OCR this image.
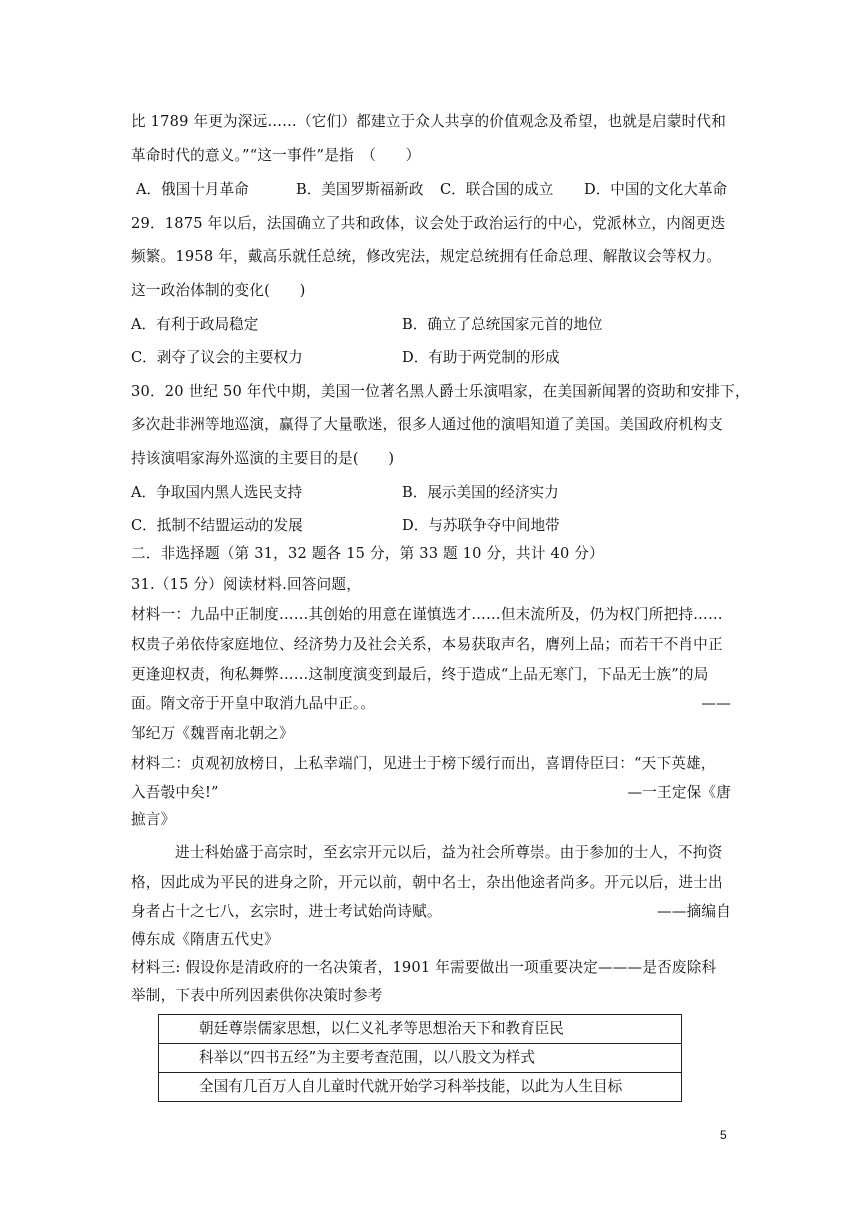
比 1789 年更为深远……（它们）都建立于众人共享的价值观念及希望，也就是启蒙时代和
革命时代的意义。”“这一事件”是指　（　　）
A．俄国十月革命	B．美国罗斯福新政 C．联合国的成立 D．中国的文化大革命
29．1875 年以后，法国确立了共和政体，议会处于政治运行的中心，党派林立，内阁更迭
频繁。1958 年，戴高乐就任总统，修改宪法，规定总统拥有任命总理、解散议会等权力。
这一政治体制的变化(　　)
A．有利于政局稳定	B．确立了总统国家元首的地位
C．剥夺了议会的主要权力	D．有助于两党制的形成
30．20 世纪 50 年代中期，美国一位著名黑人爵士乐演唱家，在美国新闻署的资助和安排下，
多次赴非洲等地巡演，赢得了大量歌迷，很多人通过他的演唱知道了美国。美国政府机构支
持该演唱家海外巡演的主要目的是(　　)
A．争取国内黑人选民支持	B．展示美国的经济实力
C．抵制不结盟运动的发展	D．与苏联争夺中间地带
二．非选择题（第 31，32 题各 15 分，第 33 题 10 分，共计 40 分）
31.（15 分）阅读材料.回答问题，
材料一：九品中正制度……其创始的用意在谨慎选才……但末流所及，仍为权门所把持……
权贵子弟依侍家庭地位、经济势力及社会关系，本易获取声名，膺列上品；而若干不肖中正
更逢迎权责，徇私舞弊……这制度演变到最后，终于造成“上品无寒门，下品无士族”的局
面。隋文帝于开皇中取消九品中正。。	——
邹纪万《魏晋南北朝之》
材料二：贞观初放榜日，上私幸端门，见进士于榜下缓行而出，喜谓侍臣曰：“天下英雄，
入吾彀中矣!”	—一王定保《唐
摭言》
进士科始盛于高宗时，至玄宗开元以后，益为社会所尊崇。由于参加的士人，不拘资
格，因此成为平民的进身之阶，开元以前，朝中名士，杂出他途者尚多。开元以后，进士出
身者占十之七八，玄宗时，进士考试始尚诗赋。	——摘编自
傅东成《隋唐五代史》
材料三: 假设你是清政府的一名决策者，1901 年需要做出一项重要决定———是否废除科
举制，下表中所列因素供你决策时参考
朝廷尊崇儒家思想，以仁义礼孝等思想治天下和教育臣民
科举以“四书五经”为主要考查范围，以八股文为样式
全国有几百万人自儿童时代就开始学习科举技能，以此为人生目标
5
